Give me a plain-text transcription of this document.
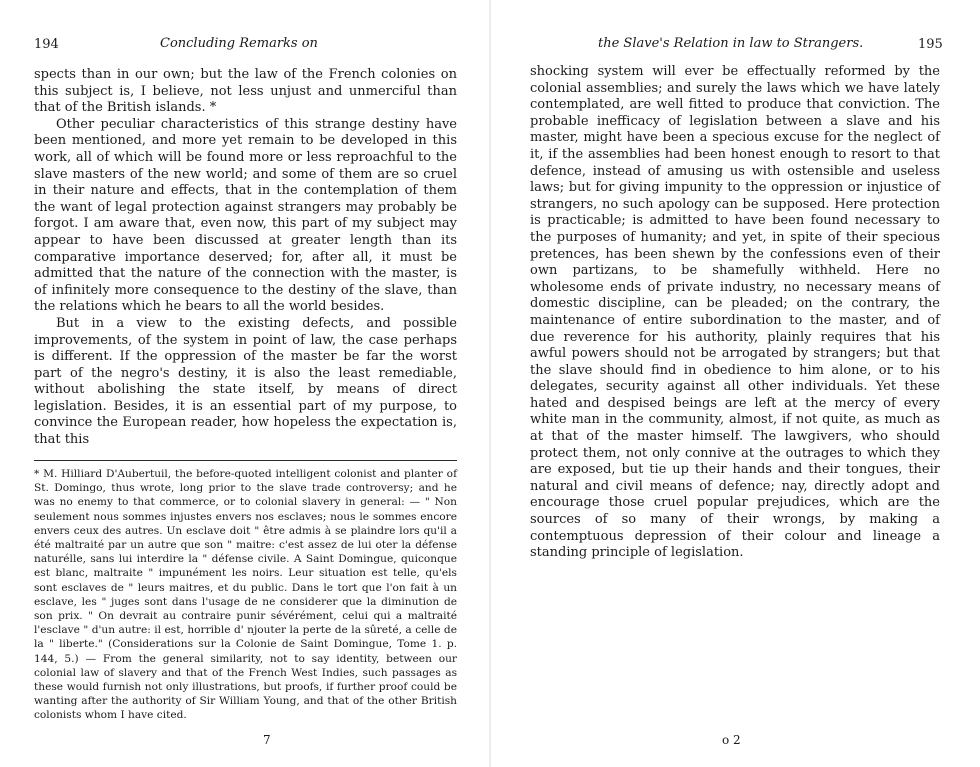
194	Concluding Remarks on

spects than in our own; but the law of the French colonies on this subject is, I believe, not less unjust and unmerciful than that of the British islands. *

Other peculiar characteristics of this strange destiny have been mentioned, and more yet remain to be developed in this work, all of which will be found more or less reproachful to the slave masters of the new world; and some of them are so cruel in their nature and effects, that in the contemplation of them the want of legal protection against strangers may probably be forgot. I am aware that, even now, this part of my subject may appear to have been discussed at greater length than its comparative importance deserved; for, after all, it must be admitted that the nature of the connection with the master, is of infinitely more consequence to the destiny of the slave, than the relations which he bears to all the world besides.

But in a view to the existing defects, and possible improvements, of the system in point of law, the case perhaps is different. If the oppression of the master be far the worst part of the negro's destiny, it is also the least remediable, without abolishing the state itself, by means of direct legislation. Besides, it is an essential part of my purpose, to convince the European reader, how hopeless the expectation is, that this

* M. Hilliard D'Aubertuil, the before-quoted intelligent colonist and planter of St. Domingo, thus wrote, long prior to the slave trade controversy; and he was no enemy to that commerce, or to colonial slavery in general: — " Non seulement nous sommes injustes envers nos esclaves; nous le sommes encore envers ceux des autres. Un esclave doit " être admis à se plaindre lors qu'il a été maltraité par un autre que son " maitre: c'est assez de lui oter la défense naturélle, sans lui interdire la " défense civile. A Saint Domingue, quiconque est blanc, maltraite " impunément les noirs. Leur situation est telle, qu'els sont esclaves de " leurs maitres, et du public. Dans le tort que l'on fait à un esclave, les " juges sont dans l'usage de ne considerer que la diminution de son prix. " On devrait au contraire punir sévérément, celui qui a maltraité l'esclave " d'un autre: il est, horrible d' njouter la perte de la sûreté, a celle de la " liberte." (Considerations sur la Colonie de Saint Domingue, Tome 1. p. 144, 5.) — From the general similarity, not to say identity, between our colonial law of slavery and that of the French West Indies, such passages as these would furnish not only illustrations, but proofs, if further proof could be wanting after the authority of Sir William Young, and that of the other British colonists whom I have cited.

7
the Slave's Relation in law to Strangers.	195

shocking system will ever be effectually reformed by the colonial assemblies; and surely the laws which we have lately contemplated, are well fitted to produce that conviction. The probable inefficacy of legislation between a slave and his master, might have been a specious excuse for the neglect of it, if the assemblies had been honest enough to resort to that defence, instead of amusing us with ostensible and useless laws; but for giving impunity to the oppression or injustice of strangers, no such apology can be supposed. Here protection is practicable; is admitted to have been found necessary to the purposes of humanity; and yet, in spite of their specious pretences, has been shewn by the confessions even of their own partizans, to be shamefully withheld. Here no wholesome ends of private industry, no necessary means of domestic discipline, can be pleaded; on the contrary, the maintenance of entire subordination to the master, and of due reverence for his authority, plainly requires that his awful powers should not be arrogated by strangers; but that the slave should find in obedience to him alone, or to his delegates, security against all other individuals. Yet these hated and despised beings are left at the mercy of every white man in the community, almost, if not quite, as much as at that of the master himself. The lawgivers, who should protect them, not only connive at the outrages to which they are exposed, but tie up their hands and their tongues, their natural and civil means of defence; nay, directly adopt and encourage those cruel popular prejudices, which are the sources of so many of their wrongs, by making a contemptuous depression of their colour and lineage a standing principle of legislation.

o 2
